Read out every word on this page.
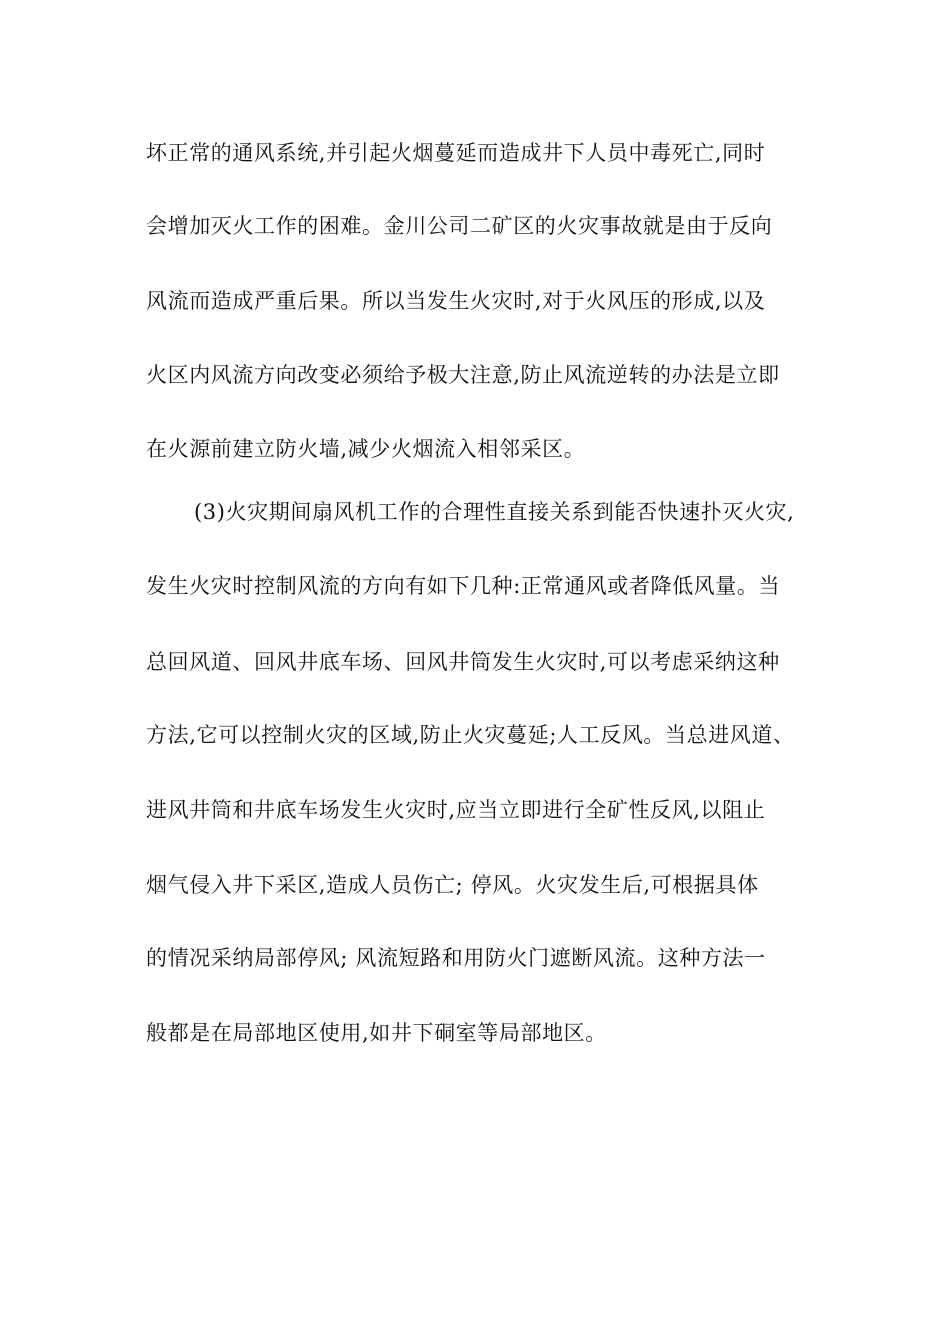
坏正常的通风系统,并引起火烟蔓延而造成井下人员中毒死亡,同时
会增加灭火工作的困难。金川公司二矿区的火灾事故就是由于反向
风流而造成严重后果。所以当发生火灾时,对于火风压的形成,以及
火区内风流方向改变必须给予极大注意,防止风流逆转的办法是立即
在火源前建立防火墙,减少火烟流入相邻采区。
(3)火灾期间扇风机工作的合理性直接关系到能否快速扑灭火灾,
发生火灾时控制风流的方向有如下几种:正常通风或者降低风量。当
总回风道、回风井底车场、回风井筒发生火灾时,可以考虑采纳这种
方法,它可以控制火灾的区域,防止火灾蔓延;人工反风。当总进风道、
进风井筒和井底车场发生火灾时,应当立即进行全矿性反风,以阻止
烟气侵入井下采区,造成人员伤亡; 停风。火灾发生后,可根据具体
的情况采纳局部停风; 风流短路和用防火门遮断风流。这种方法一
般都是在局部地区使用,如井下硐室等局部地区。
